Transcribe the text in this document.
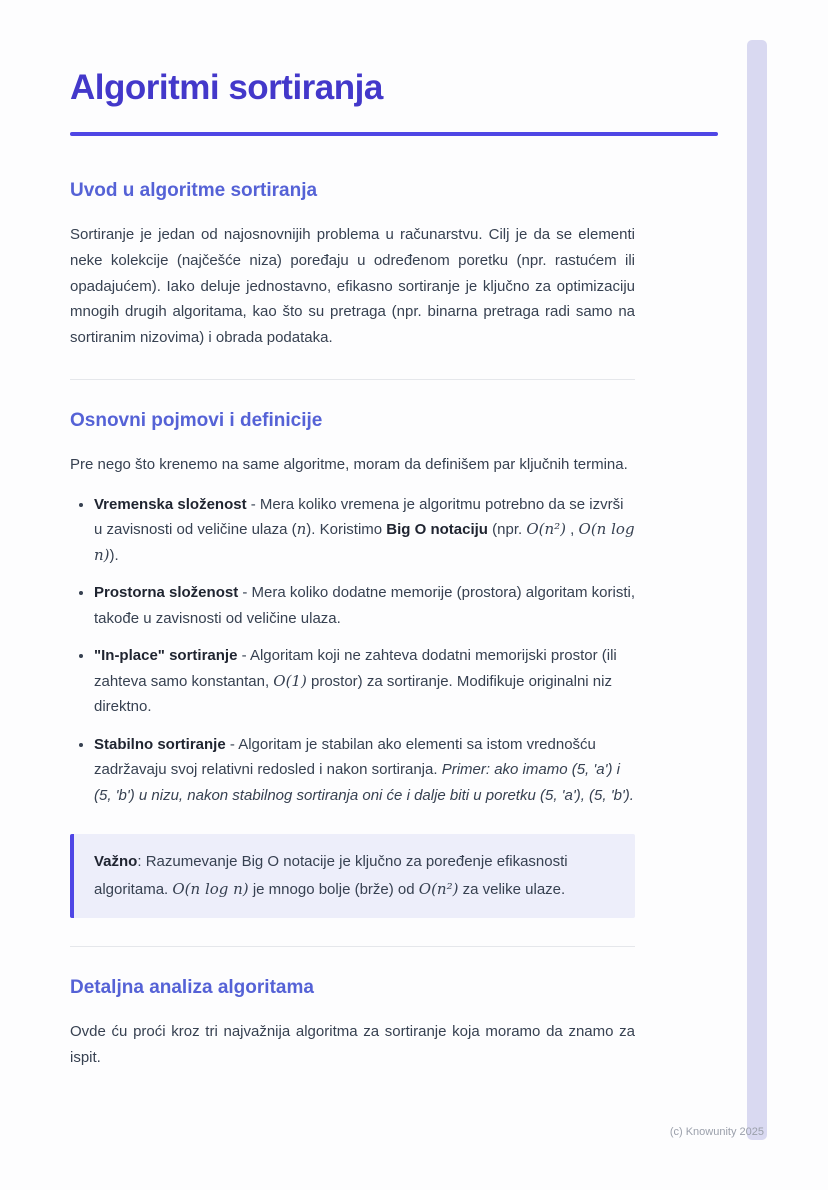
Algoritmi sortiranja
Uvod u algoritme sortiranja

Sortiranje je jedan od najosnovnijih problema u računarstvu. Cilj je da se elementi neke kolekcije (najčešće niza) poređaju u određenom poretku (npr. rastućem ili opadajućem). Iako deluje jednostavno, efikasno sortiranje je ključno za optimizaciju mnogih drugih algoritama, kao što su pretraga (npr. binarna pretraga radi samo na sortiranim nizovima) i obrada podataka.

Osnovni pojmovi i definicije

Pre nego što krenemo na same algoritme, moram da definišem par ključnih termina.

• Vremenska složenost - Mera koliko vremena je algoritmu potrebno da se izvrši u zavisnosti od veličine ulaza (n). Koristimo Big O notaciju (npr. O(n²) , O(n log n)).
• Prostorna složenost - Mera koliko dodatne memorije (prostora) algoritam koristi, takođe u zavisnosti od veličine ulaza.
• "In-place" sortiranje - Algoritam koji ne zahteva dodatni memorijski prostor (ili zahteva samo konstantan, O(1) prostor) za sortiranje. Modifikuje originalni niz direktno.
• Stabilno sortiranje - Algoritam je stabilan ako elementi sa istom vrednošću zadržavaju svoj relativni redosled i nakon sortiranja. Primer: ako imamo (5, 'a') i (5, 'b') u nizu, nakon stabilnog sortiranja oni će i dalje biti u poretku (5, 'a'), (5, 'b').

Važno: Razumevanje Big O notacije je ključno za poređenje efikasnosti algoritama. O(n log n) je mnogo bolje (brže) od O(n²) za velike ulaze.

Detaljna analiza algoritama

Ovde ću proći kroz tri najvažnija algoritma za sortiranje koja moramo da znamo za ispit.

(c) Knowunity 2025
